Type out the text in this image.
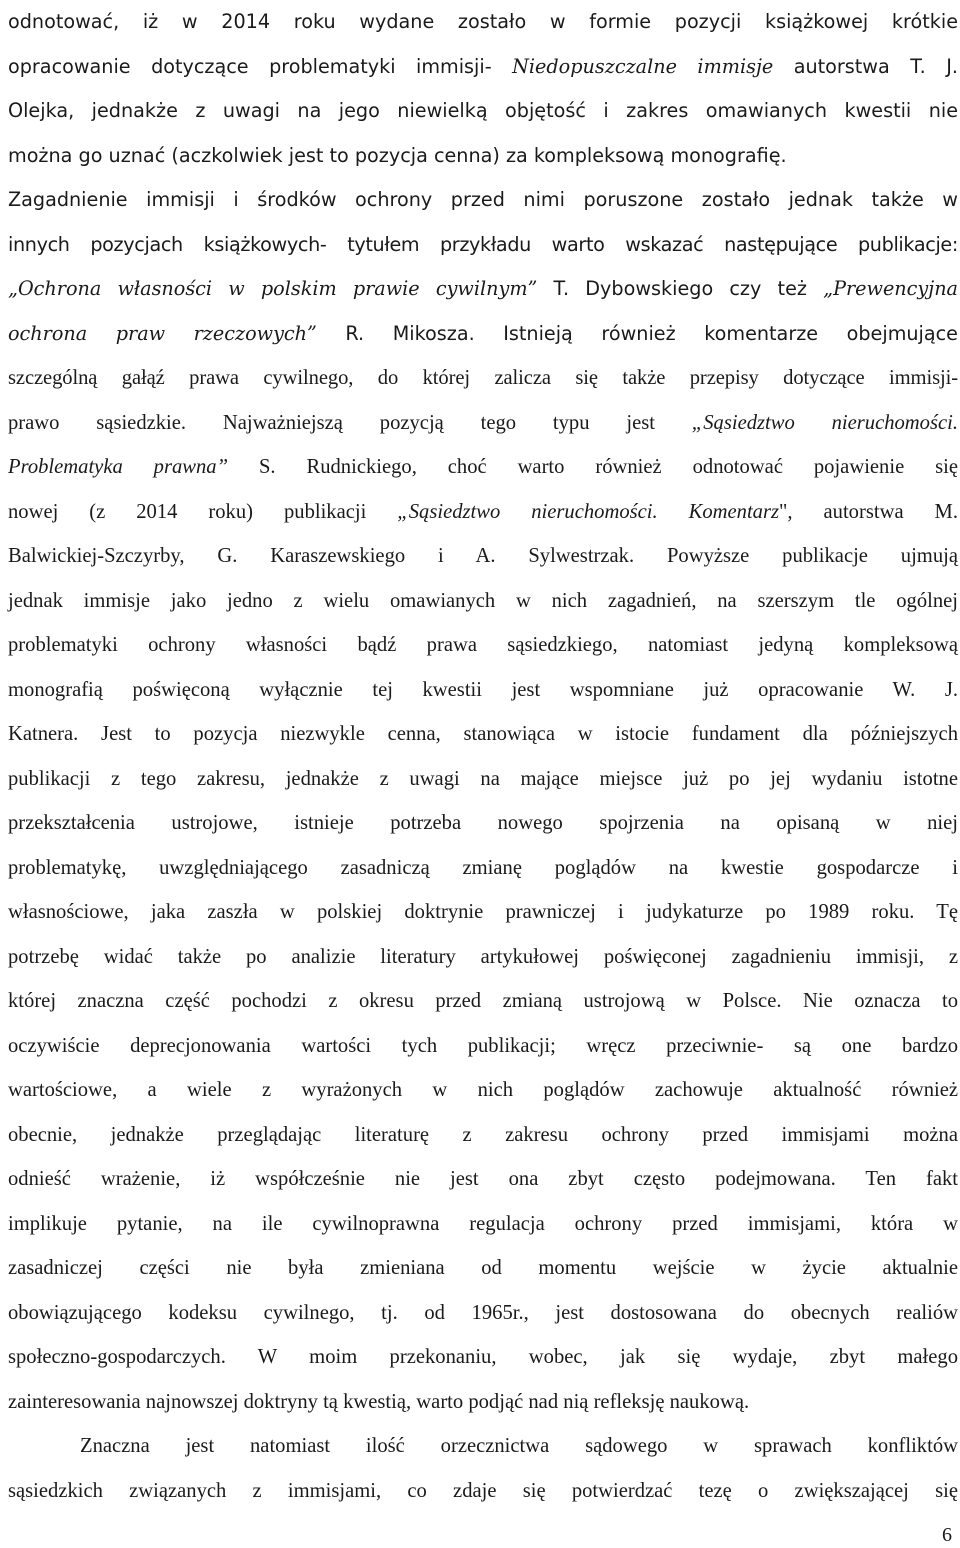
odnotować, iż w 2014 roku wydane zostało w formie pozycji książkowej krótkie
opracowanie dotyczące problematyki immisji- Niedopuszczalne immisje autorstwa T. J.
Olejka, jednakże z uwagi na jego niewielką objętość i zakres omawianych kwestii nie
można go uznać (aczkolwiek jest to pozycja cenna) za kompleksową monografię.
Zagadnienie immisji i środków ochrony przed nimi poruszone zostało jednak także w
innych pozycjach książkowych- tytułem przykładu warto wskazać następujące publikacje:
„Ochrona własności w polskim prawie cywilnym” T. Dybowskiego czy też „Prewencyjna
ochrona praw rzeczowych” R. Mikosza. Istnieją również komentarze obejmujące
szczególną gałąź prawa cywilnego, do której zalicza się także przepisy dotyczące immisji-
prawo sąsiedzkie. Najważniejszą pozycją tego typu jest „Sąsiedztwo nieruchomości.
Problematyka prawna” S. Rudnickiego, choć warto również odnotować pojawienie się
nowej (z 2014 roku) publikacji „Sąsiedztwo nieruchomości. Komentarz", autorstwa M.
Balwickiej-Szczyrby, G. Karaszewskiego i A. Sylwestrzak. Powyższe publikacje ujmują
jednak immisje jako jedno z wielu omawianych w nich zagadnień, na szerszym tle ogólnej
problematyki ochrony własności bądź prawa sąsiedzkiego, natomiast jedyną kompleksową
monografią poświęconą wyłącznie tej kwestii jest wspomniane już opracowanie W. J.
Katnera. Jest to pozycja niezwykle cenna, stanowiąca w istocie fundament dla późniejszych
publikacji z tego zakresu, jednakże z uwagi na mające miejsce już po jej wydaniu istotne
przekształcenia ustrojowe, istnieje potrzeba nowego spojrzenia na opisaną w niej
problematykę, uwzględniającego zasadniczą zmianę poglądów na kwestie gospodarcze i
własnościowe, jaka zaszła w polskiej doktrynie prawniczej i judykaturze po 1989 roku. Tę
potrzebę widać także po analizie literatury artykułowej poświęconej zagadnieniu immisji, z
której znaczna część pochodzi z okresu przed zmianą ustrojową w Polsce. Nie oznacza to
oczywiście deprecjonowania wartości tych publikacji; wręcz przeciwnie- są one bardzo
wartościowe, a wiele z wyrażonych w nich poglądów zachowuje aktualność również
obecnie, jednakże przeglądając literaturę z zakresu ochrony przed immisjami można
odnieść wrażenie, iż współcześnie nie jest ona zbyt często podejmowana. Ten fakt
implikuje pytanie, na ile cywilnoprawna regulacja ochrony przed immisjami, która w
zasadniczej części nie była zmieniana od momentu wejście w życie aktualnie
obowiązującego kodeksu cywilnego, tj. od 1965r., jest dostosowana do obecnych realiów
społeczno-gospodarczych. W moim przekonaniu, wobec, jak się wydaje, zbyt małego
zainteresowania najnowszej doktryny tą kwestią, warto podjąć nad nią refleksję naukową.
Znaczna jest natomiast ilość orzecznictwa sądowego w sprawach konfliktów
sąsiedzkich związanych z immisjami, co zdaje się potwierdzać tezę o zwiększającej się
6
